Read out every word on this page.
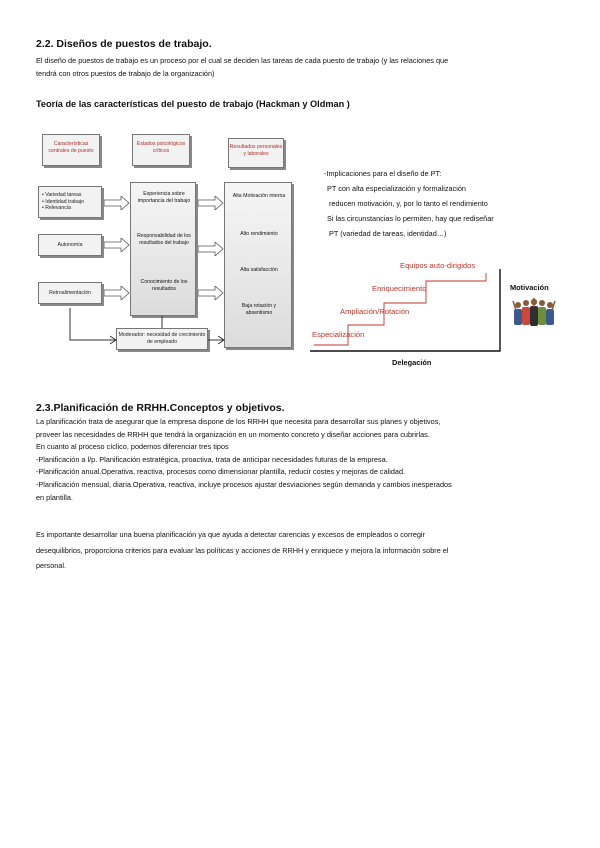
2.2. Diseños de puestos de trabajo.

El diseño de puestos de trabajo es un proceso por el cual se deciden las tareas de cada puesto de trabajo (y las relaciones que

tendrá con otros puestos de trabajo de la organización)

Teoría de las características del puesto de trabajo (Hackman y Oldman )

Características centrales de puesto
Estados psicológicos críticos
Resultados personales y laborales
• Variedad tareas
• Identidad trabajo
• Relevancia
Autonomía
Retroalimentación
Experiencia sobre importancia del trabajo
Responsabilidad de los resultados del trabajo
Conocimiento de los resultados
Alta Motivación interna
Alto rendimiento
Alta satisfacción
Baja rotación y absentismo
Moderador: necesidad de crecimiento de empleado
-Implicaciones para el diseño de PT:
PT con alta especialización y formalización
reducen motivación, y, por lo tanto el rendimiento
Si las circunstancias lo permiten, hay que rediseñar
PT (variedad de tareas, identidad…)
Especialización
Ampliación/Rotación
Enriquecimiento
Equipos auto-dirigidos
Motivación
Delegación
2.3.Planificación de RRHH.Conceptos y objetivos.
La planificación trata de asegurar que la empresa dispone de los RRHH que necesita para desarrollar sus planes y objetivos,
proveer las necesidades de RRHH que tendrá la organización en un momento concreto y diseñar acciones para cubrirlas.
En cuanto al proceso cíclico, podemos diferenciar tres tipos
-Planificación a l/p. Planificación estratégica, proactiva, trata de anticipar necesidades futuras de la empresa.
-Planificación anual.Operativa, reactiva, procesos como dimensionar plantilla, reducir costes y mejoras de calidad.
-Planificación mensual, diaria.Operativa, reactiva, incluye procesos ajustar desviaciones según demanda y cambios inesperados
en plantilla.
Es importante desarrollar una buena planificación ya que ayuda a detectar carencias y excesos de empleados o corregir
desequilibrios, proporciona criterios para evaluar las políticas y acciones de RRHH y enriquece y mejora la información sobre el
personal.
